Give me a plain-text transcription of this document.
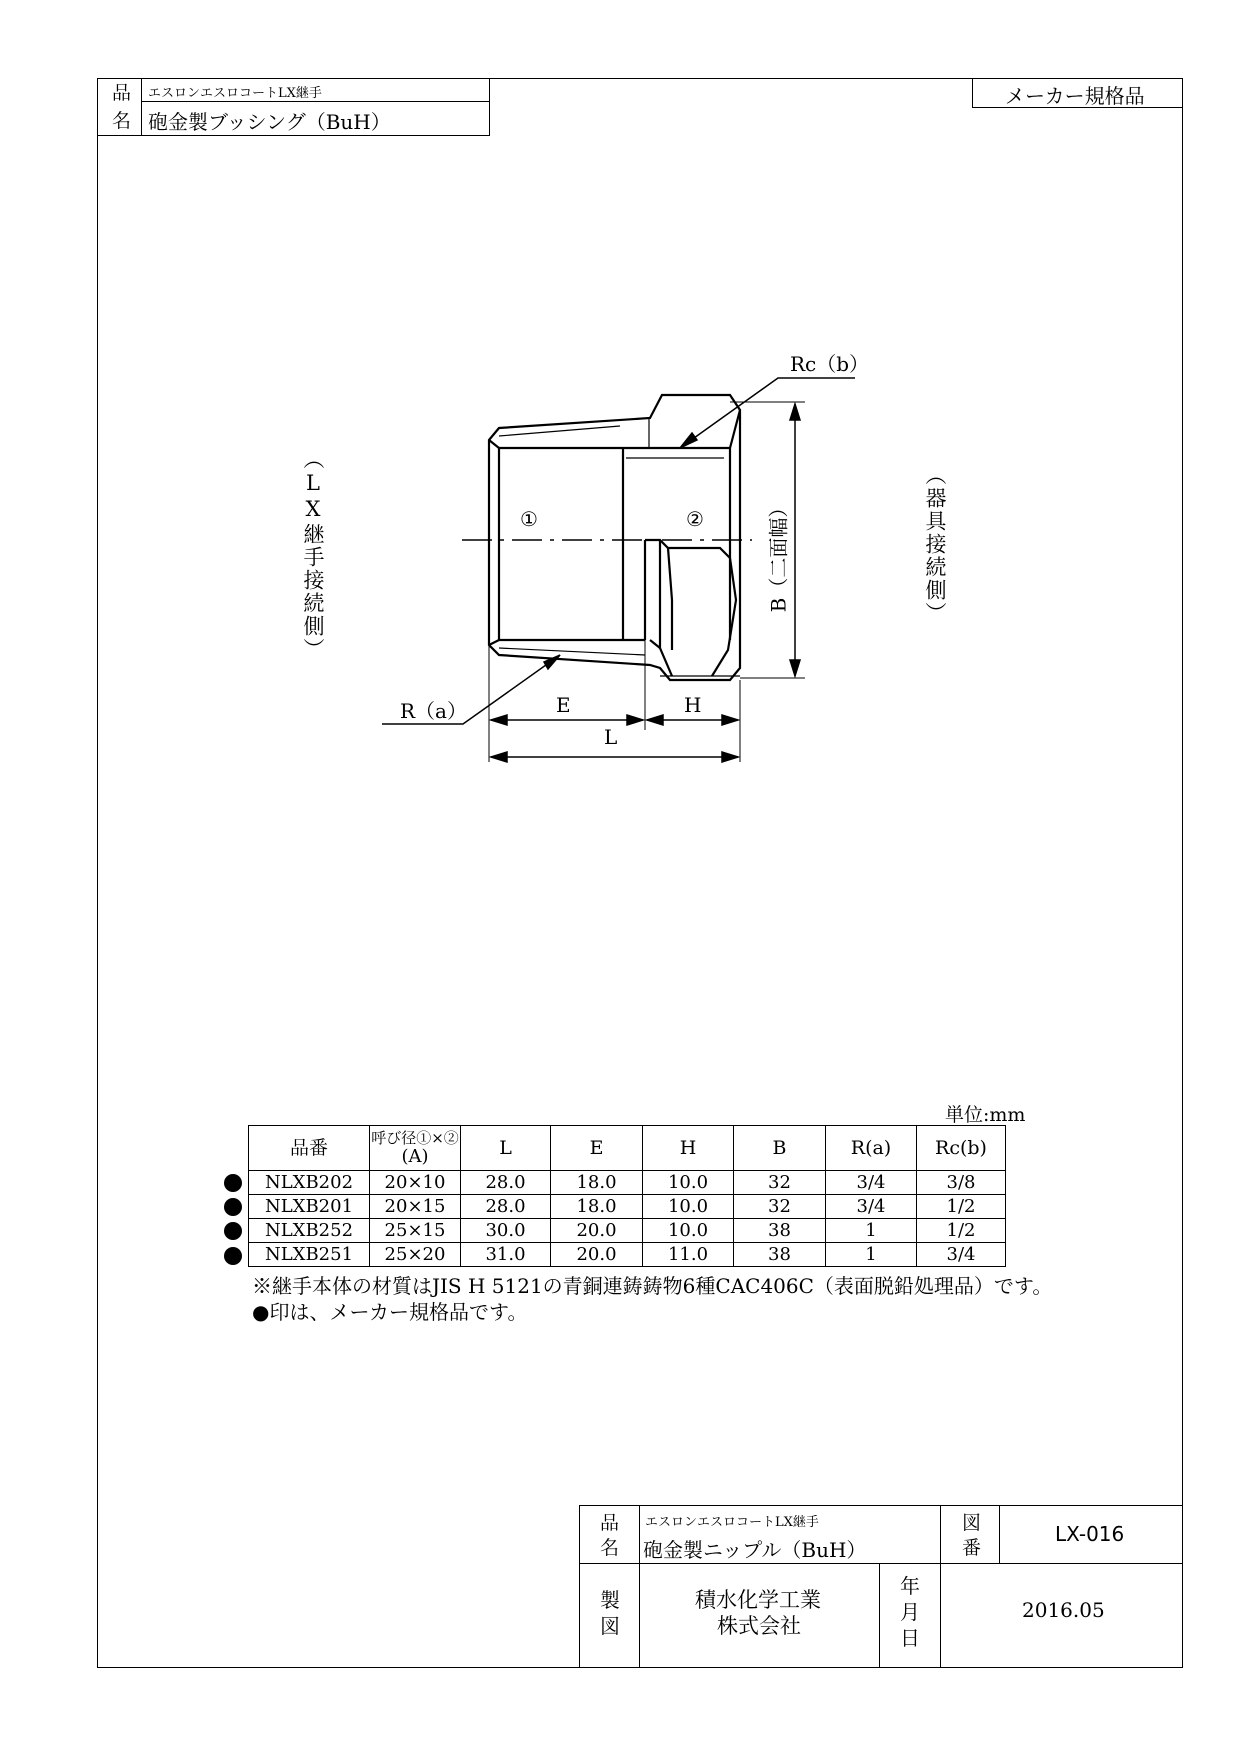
品
名
エスロンエスロコートLX継手
砲金製ブッシング（BuH）
メーカー規格品
（LX継手接続側）	（器具接続側）
Rc（b）
R（a）	E	H
L
①	②	B（二面幅）
単位:mm
品番	呼び径①×②
(A)	L	E	H	B	R(a)	Rc(b)
NLXB202	20×10	28.0	18.0	10.0	32	3/4	3/8
NLXB201	20×15	28.0	18.0	10.0	32	3/4	1/2
NLXB252	25×15	30.0	20.0	10.0	38	1	1/2
NLXB251	25×20	31.0	20.0	11.0	38	1	3/4
※継手本体の材質はJIS H 5121の青銅連鋳鋳物6種CAC406C（表面脱鉛処理品）です。
●印は、メーカー規格品です。
品
名
エスロンエスロコートLX継手
砲金製ニップル（BuH）
図
番
LX-016
製
図
積水化学工業
株式会社
年
月
日
2016.05
